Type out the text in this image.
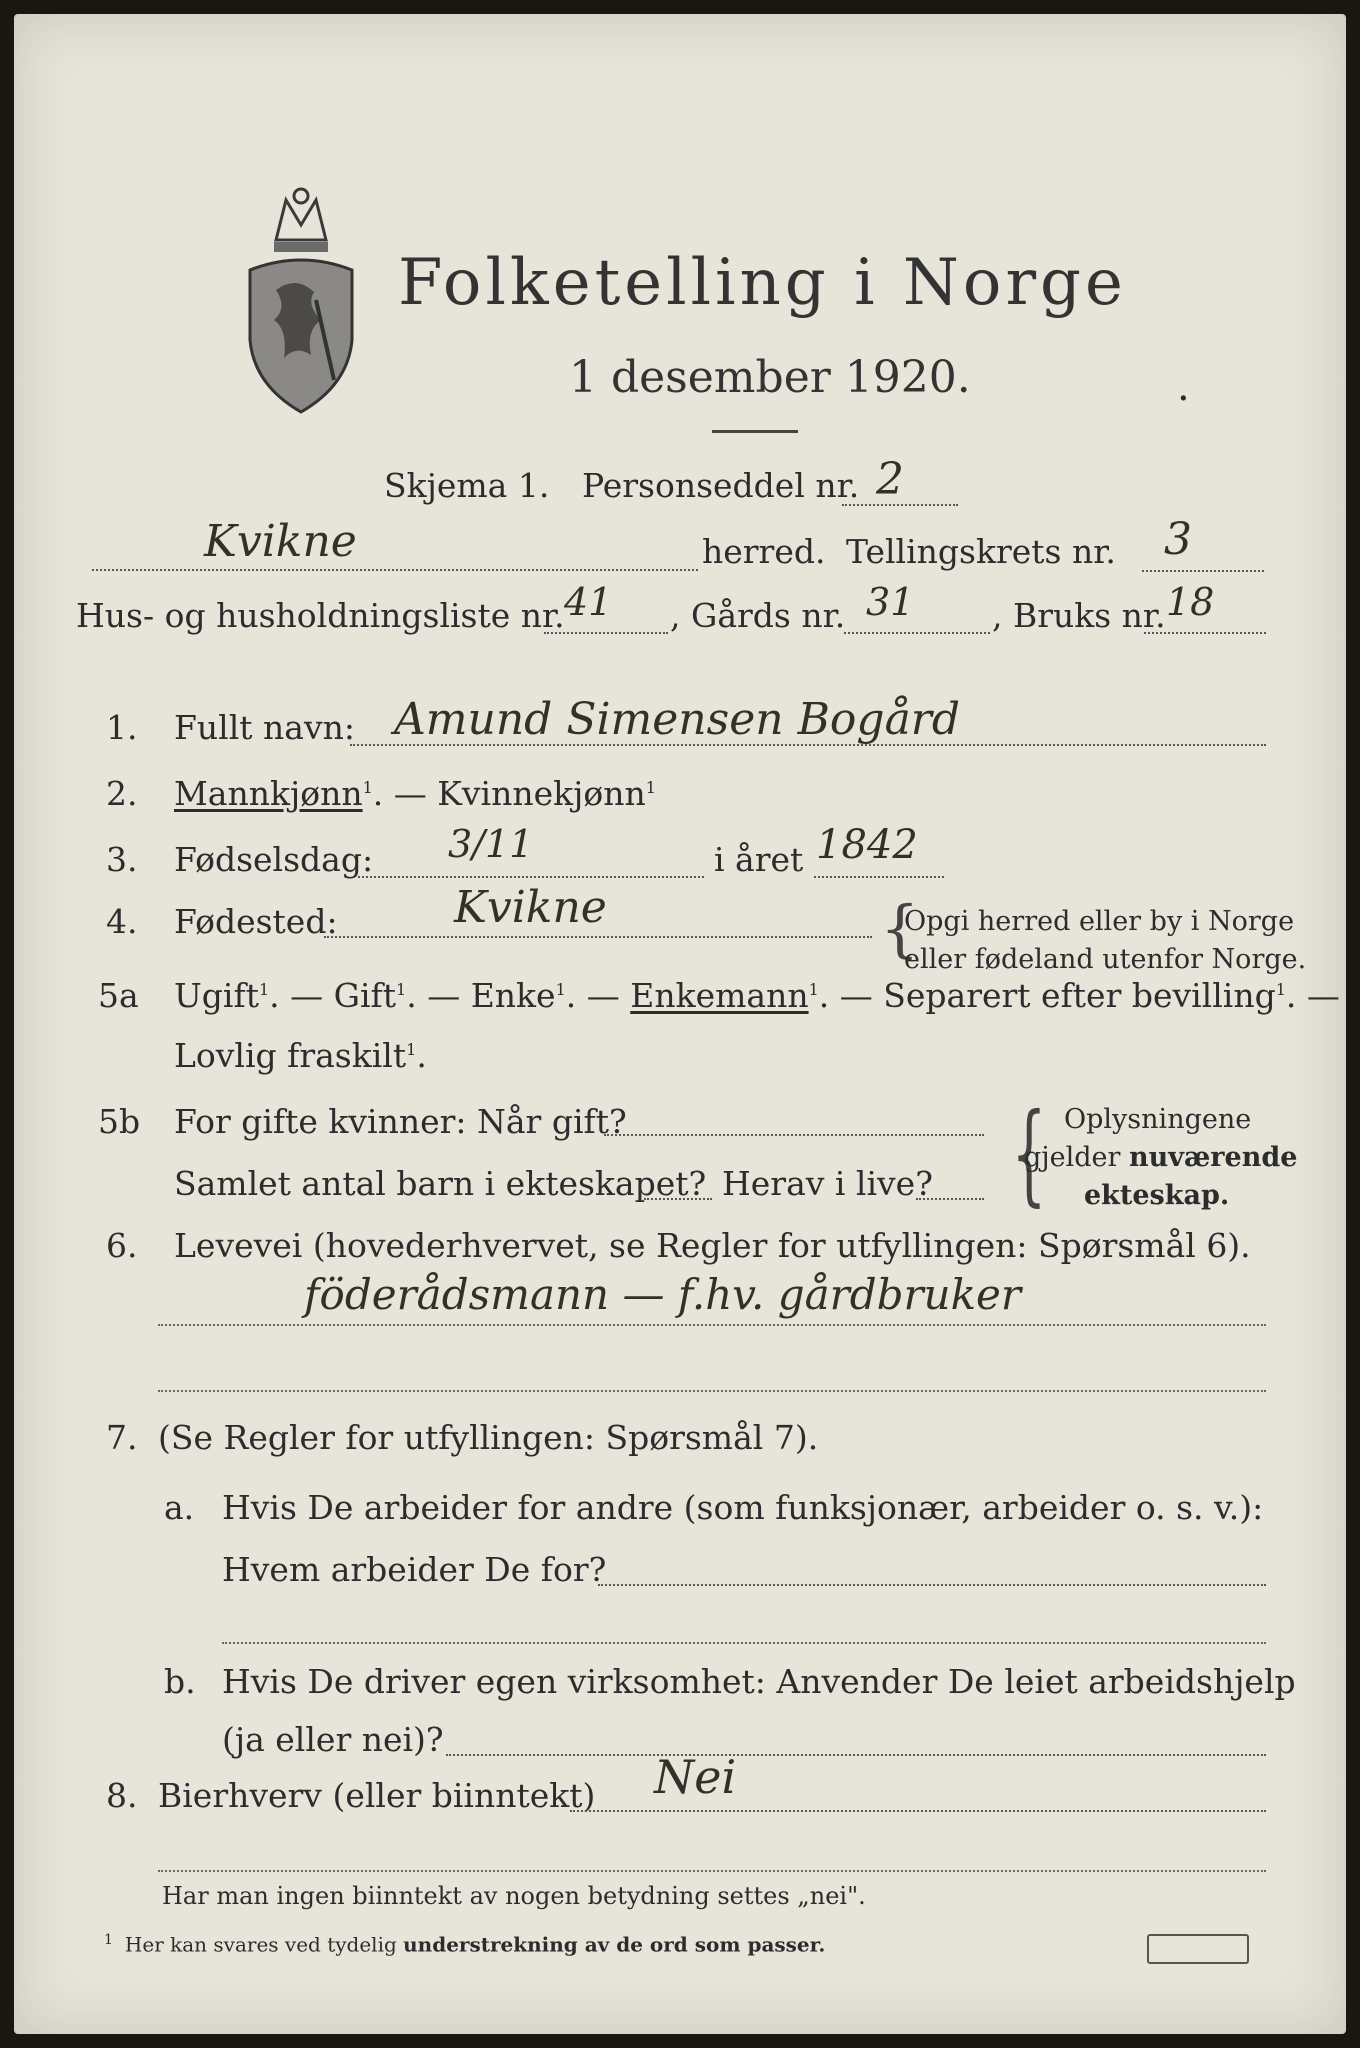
Folketelling i Norge
1 desember 1920.	.
Skjema 1. Personseddel nr. 2
Kvikne	herred. Tellingskrets nr. 3
Hus- og husholdningsliste nr. 41 , Gårds nr. 31 , Bruks nr. 18
1. Fullt navn: Amund Simensen Bogård
2. Mannkjønn$^1$. — Kvinnekjønn$^1$
3. Fødselsdag: 3/11	i året 1842
4. Fødested:	Kvikne	{
Opgi herred eller by i Norge
eller fødeland utenfor Norge.
5a Ugift$^1$. — Gift$^1$. — Enke$^1$. — Enkemann$^1$. — Separert efter bevilling$^1$. —
Lovlig fraskilt$^1$.
5b For gifte kvinner: Når gift?
Samlet antal barn i ekteskapet? Herav i live? { Oplysningene
gjelder nuværende
ekteskap.
6. Levevei (hovederhvervet, se Regler for utfyllingen: Spørsmål 6).
föderådsmann — f.hv. gårdbruker
7. (Se Regler for utfyllingen: Spørsmål 7).
a. Hvis De arbeider for andre (som funksjonær, arbeider o. s. v.):
Hvem arbeider De for?
b. Hvis De driver egen virksomhet: Anvender De leiet arbeidshjelp
(ja eller nei)?
8. Bierhverv (eller biinntekt) Nei
Har man ingen biinntekt av nogen betydning settes „nei".
$^1$ Her kan svares ved tydelig understrekning av de ord som passer.
